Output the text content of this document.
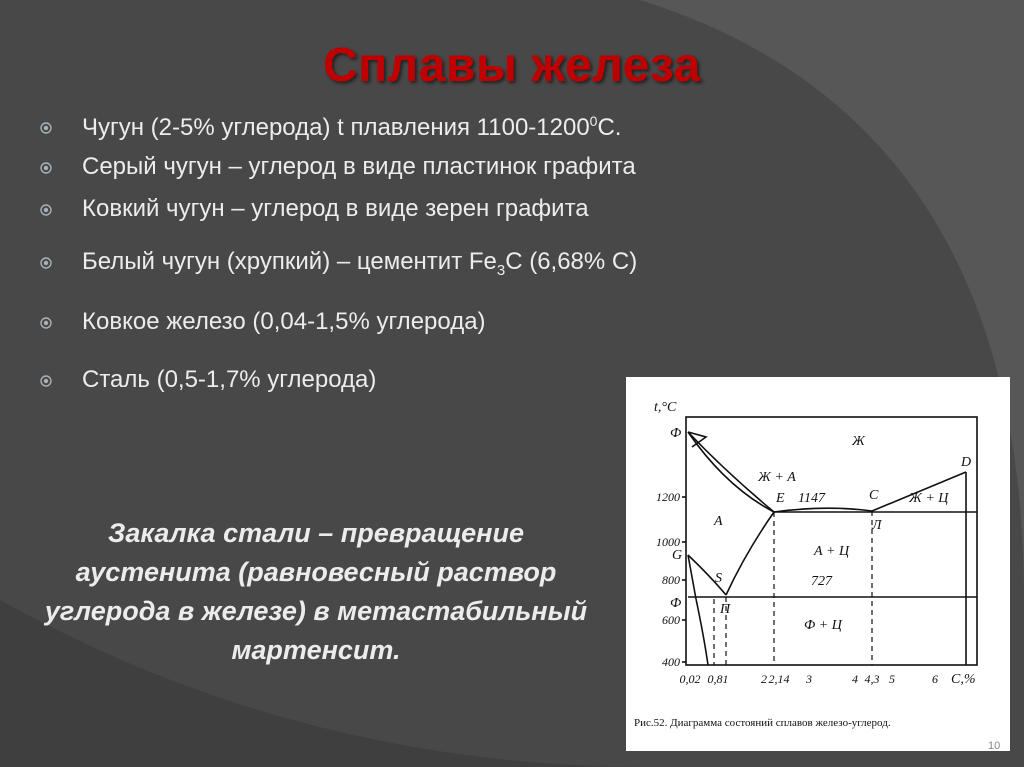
Сплавы железа
Чугун (2-5% углерода) t плавления 1100-1200$^0$С.
Серый чугун – углерод в виде пластинок графита
Ковкий чугун – углерод в виде зерен графита
Белый чугун (хрупкий) – цементит $Fe_3С$ (6,68% С)
Ковкое железо (0,04-1,5% углерода)
Сталь (0,5-1,7% углерода)
Закалка стали – превращение аустенита (равновесный раствор углерода в железе) в метастабильный мартенсит.
t,°C
C,%
Ж
Ж + А
Ж + Ц
А
А + Ц
Ф + Ц
E 1147	C
D
Л
727
S
П
Ф
G
Ф
1200
1000
800
600
400
0,02 0,81	2 2,14 3	4 4,3 5	6
Рис.52. Диаграмма состояний сплавов железо-углерод.
10
